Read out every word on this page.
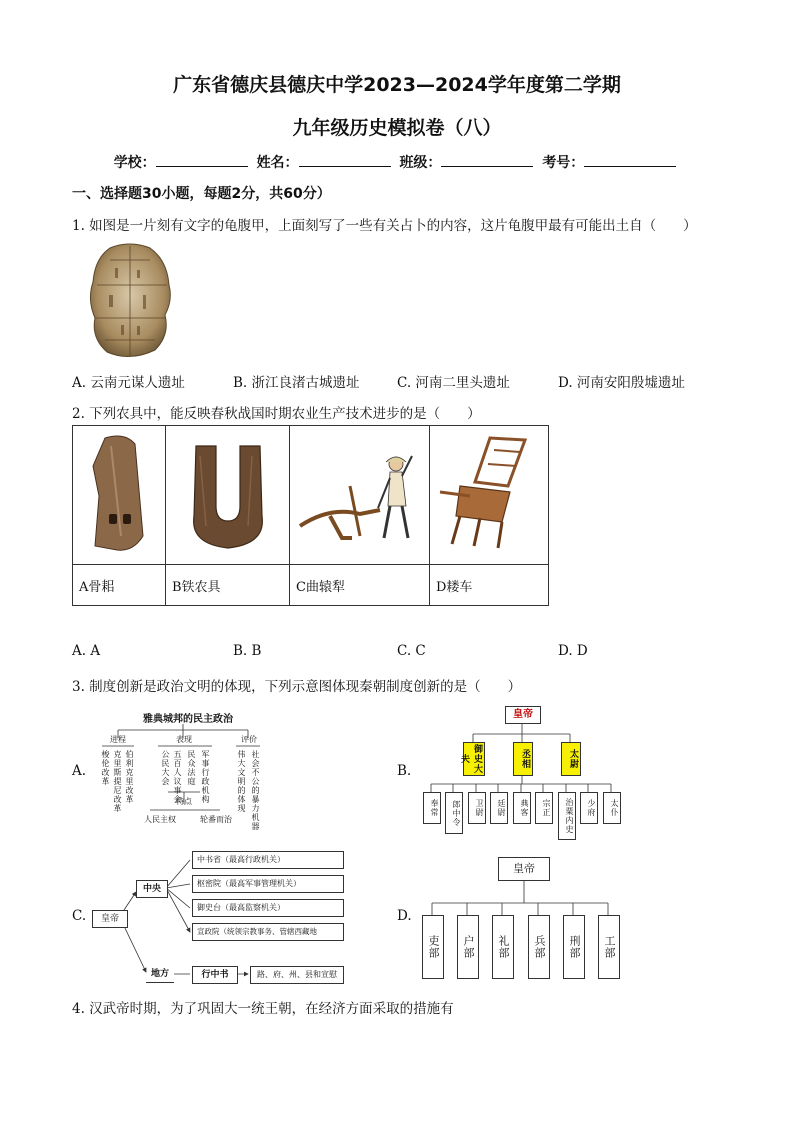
广东省德庆县德庆中学2023—2024学年度第二学期
九年级历史模拟卷（八）
学校：	姓名：	班级：	考号：
一、选择题30小题，每题2分，共60分）
1. 如图是一片刻有文字的龟腹甲，上面刻写了一些有关占卜的内容，这片龟腹甲最有可能出土自（　　）
A. 云南元谋人遗址	B. 浙江良渚古城遗址	C. 河南二里头遗址	D. 河南安阳殷墟遗址
2. 下列农具中，能反映春秋战国时期农业生产技术进步的是（　　）

A骨耜	B铁农具	C曲辕犁	D耧车
A. A	B. B	C. C	D. D
3. 制度创新是政治文明的体现，下列示意图体现秦朝制度创新的是（　　）
A.
雅典城邦的民主政治
进程	表现	评价
梭伦改革 克里斯提尼改革 伯利克里改革	五百人议事会
公民大会 民众法庭 军事行政机构	伟大文明的体现 社会不公的暴力机器
特点
人民主权	轮番而治
B.
皇帝
御史大夫	丞相	太尉
奉常	郎中令	卫尉	廷尉	典客	宗正	治粟内史	少府	太仆
C.	皇帝
中央
中书省（最高行政机关）
枢密院（最高军事管理机关）
御史台（最高监察机关）
宣政院（统领宗教事务、管辖西藏地
地方	行中书	路、府、州、县和宣慰
D.
皇帝
吏部	户部	礼部	兵部	刑部	工部
4. 汉武帝时期，为了巩固大一统王朝，在经济方面采取的措施有
